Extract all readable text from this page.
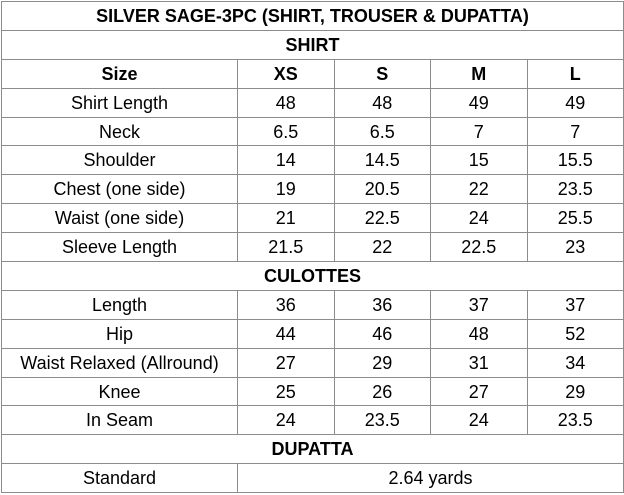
SILVER SAGE-3PC (SHIRT, TROUSER & DUPATTA)				
SHIRT				
Size	XS	S	M	L
Shirt Length	48	48	49	49
Neck	6.5	6.5	7	7
Shoulder	14	14.5	15	15.5
Chest (one side)	19	20.5	22	23.5
Waist (one side)	21	22.5	24	25.5
Sleeve Length	21.5	22	22.5	23
CULOTTES				
Length	36	36	37	37
Hip	44	46	48	52
Waist Relaxed (Allround)	27	29	31	34
Knee	25	26	27	29
In Seam	24	23.5	24	23.5
DUPATTA				
Standard	2.64 yards			
